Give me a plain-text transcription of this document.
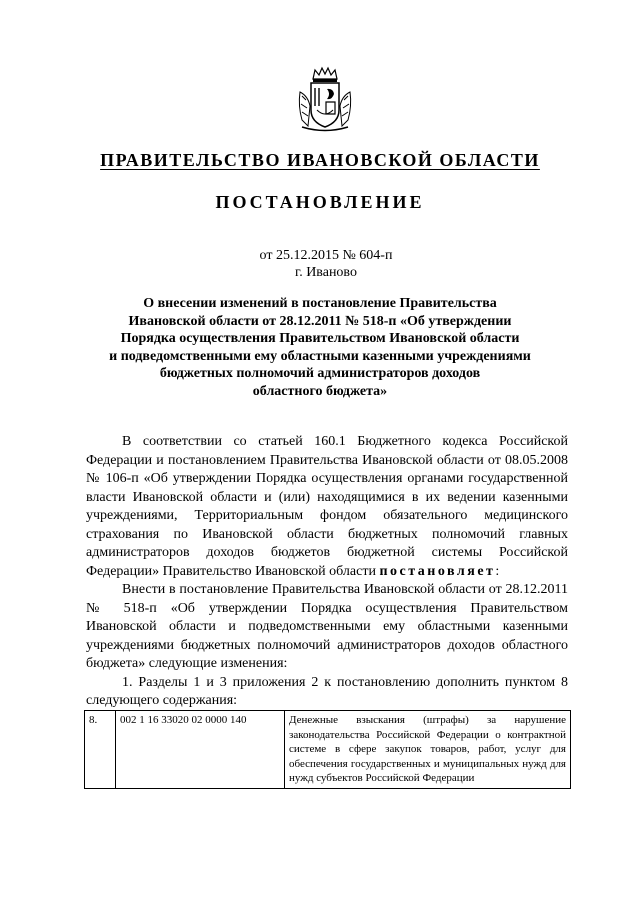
ПРАВИТЕЛЬСТВО ИВАНОВСКОЙ ОБЛАСТИ
ПОСТАНОВЛЕНИЕ
от 25.12.2015 № 604-п
г. Иваново
О внесении изменений в постановление Правительства
Ивановской области от 28.12.2011 № 518-п «Об утверждении
Порядка осуществления Правительством Ивановской области
и подведомственными ему областными казенными учреждениями
бюджетных полномочий администраторов доходов
областного бюджета»

В соответствии со статьей 160.1 Бюджетного кодекса Российской Федерации и постановлением Правительства Ивановской области от 08.05.2008 № 106-п «Об утверждении Порядка осуществления органами государственной власти Ивановской области и (или) находящимися в их ведении казенными учреждениями, Территориальным фондом обязательного медицинского страхования по Ивановской области бюджетных полномочий главных администраторов доходов бюджетов бюджетной системы Российской Федерации» Правительство Ивановской области постановляет:

Внести в постановление Правительства Ивановской области от 28.12.2011 № 518-п «Об утверждении Порядка осуществления Правительством Ивановской области и подведомственными ему областными казенными учреждениями бюджетных полномочий администраторов доходов областного бюджета» следующие изменения:

1. Разделы 1 и 3 приложения 2 к постановлению дополнить пунктом 8 следующего содержания:

8.	002 1 16 33020 02 0000 140	Денежные взыскания (штрафы) за нарушение законодательства Российской Федерации о контрактной системе в сфере закупок товаров, работ, услуг для обеспечения государственных и муниципальных нужд для нужд субъектов Российской Федерации
